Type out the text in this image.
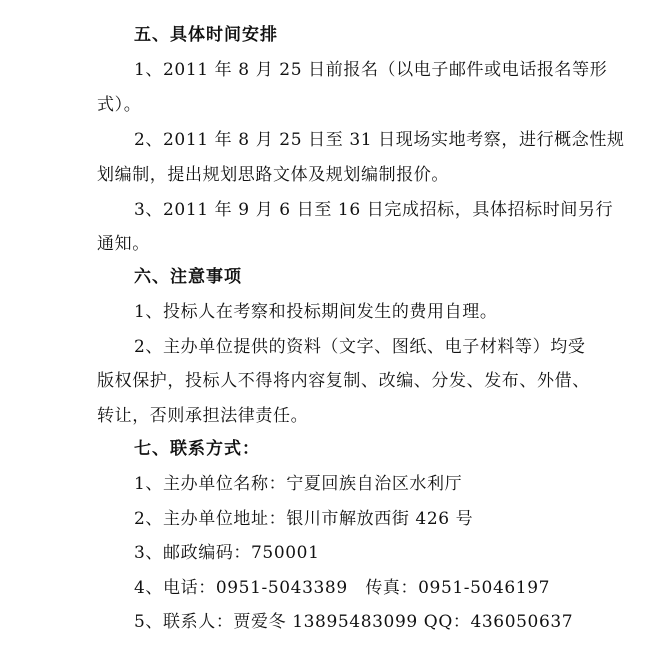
五、具体时间安排
1、2011 年 8 月 25 日前报名（以电子邮件或电话报名等形
式）。
2、2011 年 8 月 25 日至 31 日现场实地考察，进行概念性规
划编制，提出规划思路文体及规划编制报价。
3、2011 年 9 月 6 日至 16 日完成招标，具体招标时间另行
通知。
六、注意事项
1、投标人在考察和投标期间发生的费用自理。
2、主办单位提供的资料（文字、图纸、电子材料等）均受
版权保护，投标人不得将内容复制、改编、分发、发布、外借、
转让，否则承担法律责任。
七、联系方式：
1、主办单位名称：宁夏回族自治区水利厅
2、主办单位地址：银川市解放西街 426 号
3、邮政编码：750001
4、电话：0951-5043389　传真：0951-5046197
5、联系人：贾爱冬 13895483099 QQ：436050637
